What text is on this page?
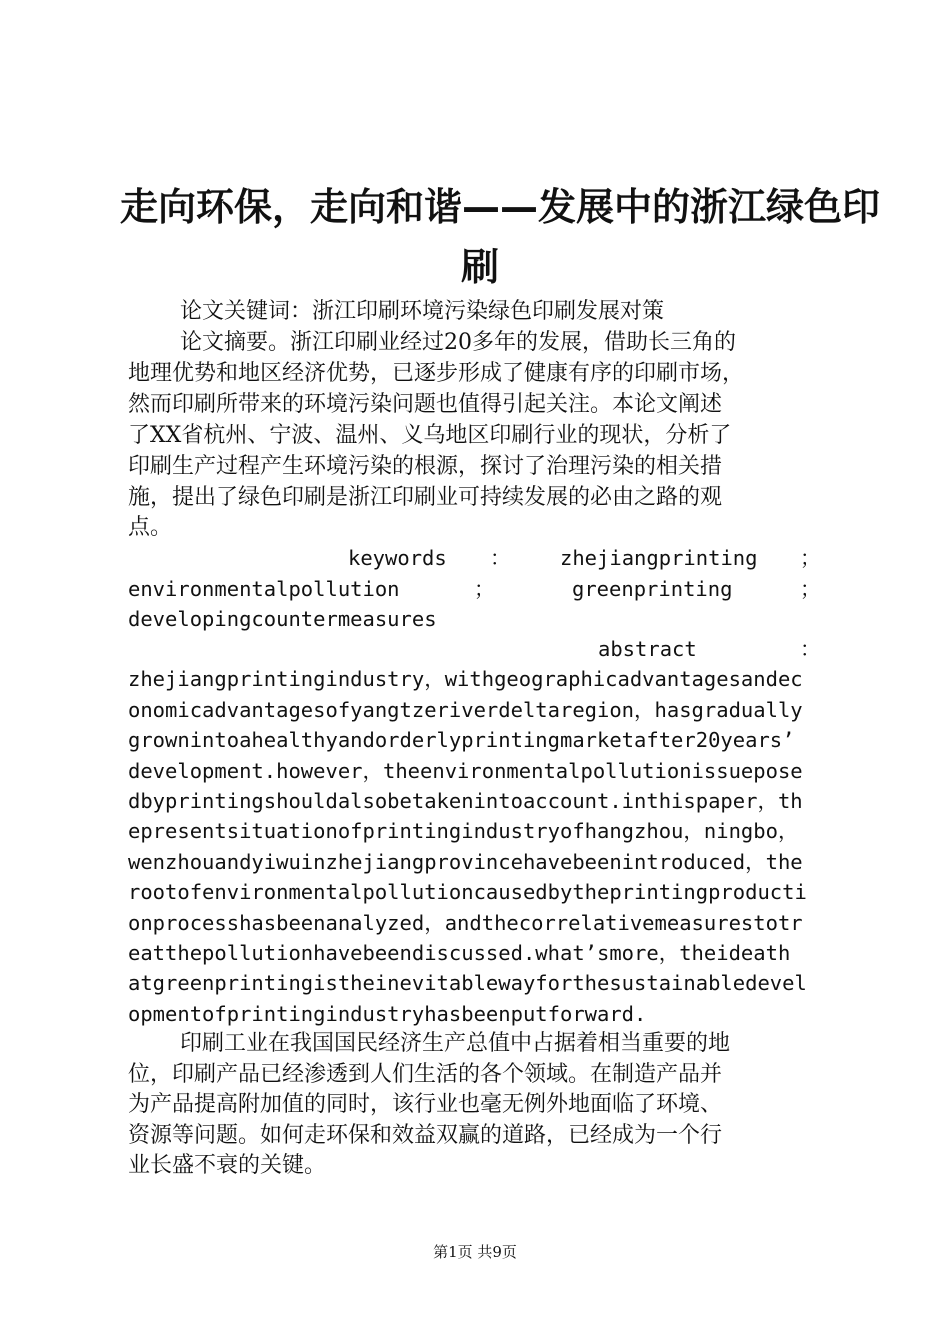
走向环保，走向和谐——发展中的浙江绿色印
刷
论文关键词：浙江印刷环境污染绿色印刷发展对策
论文摘要。浙江印刷业经过20多年的发展，借助长三角的
地理优势和地区经济优势，已逐步形成了健康有序的印刷市场，
然而印刷所带来的环境污染问题也值得引起关注。本论文阐述
了XX省杭州、宁波、温州、义乌地区印刷行业的现状，分析了
印刷生产过程产生环境污染的根源，探讨了治理污染的相关措
施，提出了绿色印刷是浙江印刷业可持续发展的必由之路的观
点。
keywords ： zhejiangprinting ；
environmentalpollution	；	greenprinting	；
developingcountermeasures
abstract	：
zhejiangprintingindustry，withgeographicadvantagesandec
onomicadvantagesofyangtzeriverdeltaregion，hasgradually
grownintoahealthyandorderlyprintingmarketafter20years’
development.however，theenvironmentalpollutionissuepose
dbyprintingshouldalsobetakenintoaccount.inthispaper，th
epresentsituationofprintingindustryofhangzhou，ningbo，
wenzhouandyiwuinzhejiangprovincehavebeenintroduced，the
rootofenvironmentalpollutioncausedbytheprintingproducti
onprocesshasbeenanalyzed，andthecorrelativemeasurestotr
eatthepollutionhavebeendiscussed.what’smore，theideath
atgreenprintingistheinevitablewayforthesustainabledevel
opmentofprintingindustryhasbeenputforward.
印刷工业在我国国民经济生产总值中占据着相当重要的地
位，印刷产品已经渗透到人们生活的各个领域。在制造产品并
为产品提高附加值的同时，该行业也毫无例外地面临了环境、
资源等问题。如何走环保和效益双赢的道路，已经成为一个行
业长盛不衰的关键。
第1页 共9页
